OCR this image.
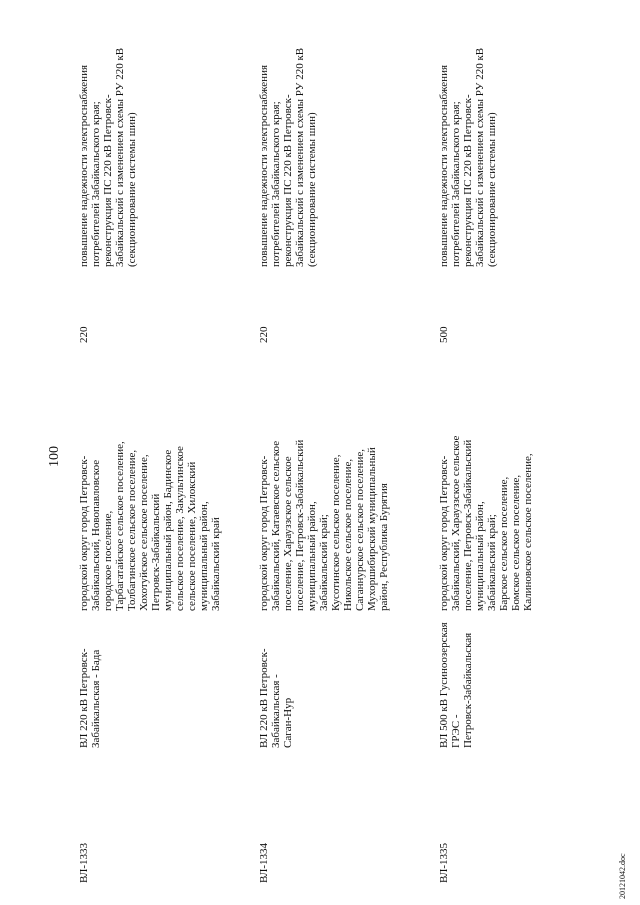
100
ВЛ-1333
ВЛ 220 кВ Петровск-
Забайкальская - Бада
городской округ город Петровск-
Забайкальский, Новопавловское
городское поселение,
Тарбагатайское сельское поселение,
Толбагинское сельское поселение,
Хохотуйское сельское поселение,
Петровск-Забайкальский
муниципальный район, Бадинское
сельское поселение, Закультинское
сельское поселение, Хилокский
муниципальный район,
Забайкальский край
220
повышение надежности электроснабжения
потребителей Забайкальского края;
реконструкция ПС 220 кВ Петровск-
Забайкальский с изменением схемы РУ 220 кВ
(секционирование системы шин)
ВЛ-1334
ВЛ 220 кВ Петровск-Забайкальская -
Саган-Нур
городской округ город Петровск-
Забайкальский, Катаевское сельское
поселение, Харауззское сельское
поселение, Петровск-Забайкальский
муниципальный район,
Забайкальский край;
Кусотинское сельское поселение,
Никольское сельское поселение,
Саганнурское сельское поселение,
Мухоршибирский муниципальный
район, Республика Бурятия
220
повышение надежности электроснабжения
потребителей Забайкальского края;
реконструкция ПС 220 кВ Петровск-
Забайкальский с изменением схемы РУ 220 кВ
(секционирование системы шин)
ВЛ-1335
ВЛ 500 кВ Гусиноозерская ГРЭС -
Петровск-Забайкальская
городской округ город Петровск-
Забайкальский, Харауззское сельское
поселение, Петровск-Забайкальский
муниципальный район,
Забайкальский край;
Барское сельское поселение,
Бомское сельское поселение,
Калиновское сельское поселение,
500
повышение надежности электроснабжения
потребителей Забайкальского края;
реконструкция ПС 220 кВ Петровск-
Забайкальский с изменением схемы РУ 220 кВ
(секционирование системы шин)
20121042.doc
